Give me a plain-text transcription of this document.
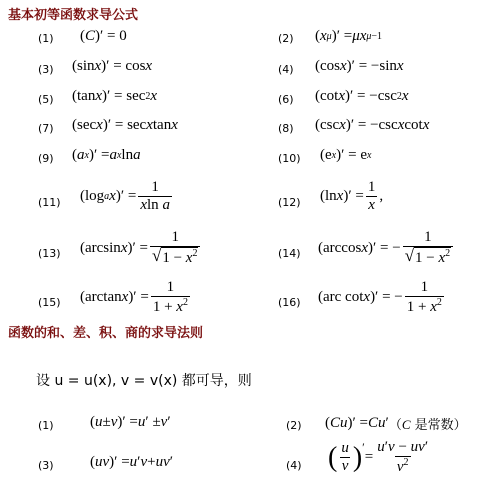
基本初等函数求导公式
(1) ( C )′ = 0	(2) ( x μ )′ = μx μ −1
(3) (sin x )′ = cos x	(4) (cos x )′ = −sin x
(5) (tan x )′ = sec 2 x	(6) (cot x )′ = −csc 2 x
(7) (sec x )′ = sec x tan x	(8) (csc x )′ = −csc x cot x
(9) ( a x )′ = a x ln a	(10) (e x )′ = e x
(11) (log a x )′ = $\frac{1}{\text{xln a}}$	(12) (ln x )′ = $\frac{1}{x}$ ,
(13) (arcsin x )′ = $\frac{1}{√ 1 - x^2}$	(14) (arccos x )′ = − $\frac{1}{√ 1 - x^2}$
(15) (arctan x )′ = $\frac{1}{1 + x^2}$	(16) (arc cot x )′ = − $\frac{1}{1 + x^2}$
函数的和、差、积、商的求导法则
设 u = u(x), v = v(x) 都可导，则
(1) ( u ± v )′ = u ′ ± v ′	(2) ( Cu )′ = Cu ′ （C 是常数）
(3) ( uv )′ = u ′ v + uv ′	(4) ( $\frac{u}{v} )'$
= $\frac{u'v - uv'}{v^2}$
